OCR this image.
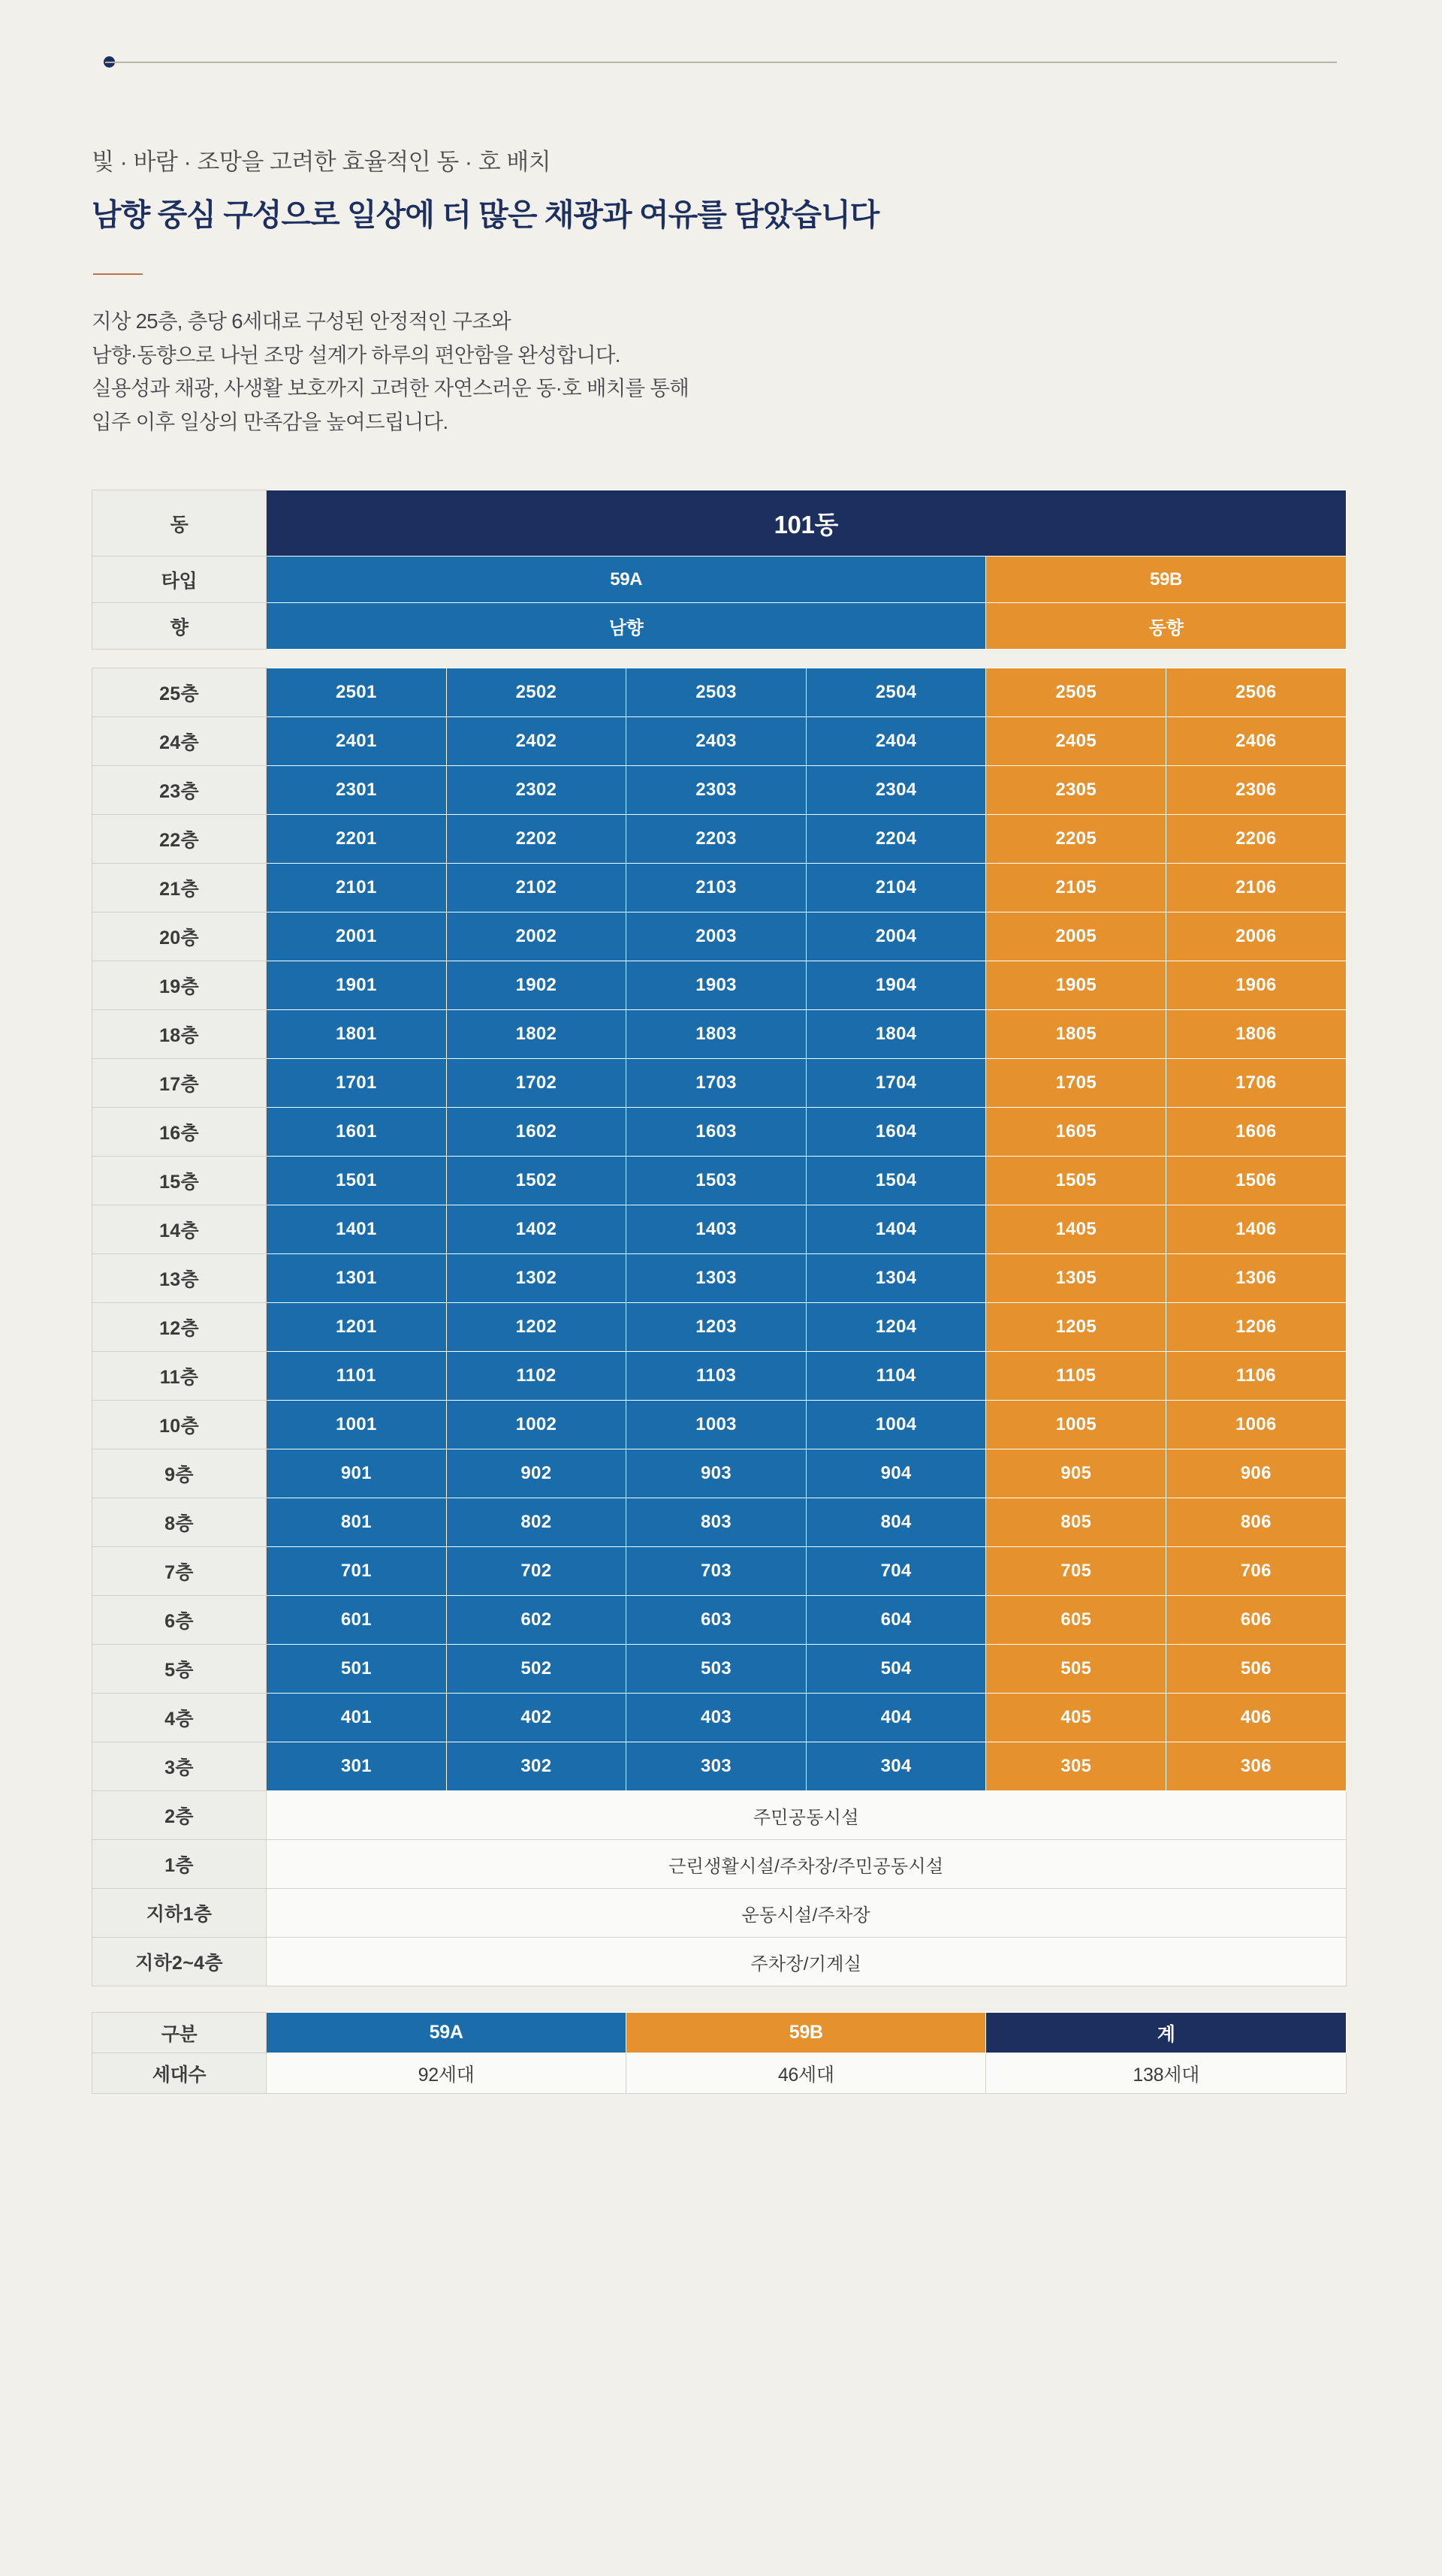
빛 · 바람 · 조망을 고려한 효율적인 동 · 호 배치
남향 중심 구성으로 일상에 더 많은 채광과 여유를 담았습니다
지상 25층, 층당 6세대로 구성된 안정적인 구조와
남향·동향으로 나뉜 조망 설계가 하루의 편안함을 완성합니다.
실용성과 채광, 사생활 보호까지 고려한 자연스러운 동·호 배치를 통해
입주 이후 일상의 만족감을 높여드립니다.
동	101동	
타입	59A	59B
향	남향	동향
25층	2501	2502	2503	2504	2505	2506
24층	2401	2402	2403	2404	2405	2406
23층	2301	2302	2303	2304	2305	2306
22층	2201	2202	2203	2204	2205	2206
21층	2101	2102	2103	2104	2105	2106
20층	2001	2002	2003	2004	2005	2006
19층	1901	1902	1903	1904	1905	1906
18층	1801	1802	1803	1804	1805	1806
17층	1701	1702	1703	1704	1705	1706
16층	1601	1602	1603	1604	1605	1606
15층	1501	1502	1503	1504	1505	1506
14층	1401	1402	1403	1404	1405	1406
13층	1301	1302	1303	1304	1305	1306
12층	1201	1202	1203	1204	1205	1206
11층	1101	1102	1103	1104	1105	1106
10층	1001	1002	1003	1004	1005	1006
9층	901	902	903	904	905	906
8층	801	802	803	804	805	806
7층	701	702	703	704	705	706
6층	601	602	603	604	605	606
5층	501	502	503	504	505	506
4층	401	402	403	404	405	406
3층	301	302	303	304	305	306
2층	주민공동시설					
1층	근린생활시설/주차장/주민공동시설					
지하1층	운동시설/주차장					
지하2~4층	주차장/기계실					
구분	59A	59B	계
세대수	92세대	46세대	138세대
